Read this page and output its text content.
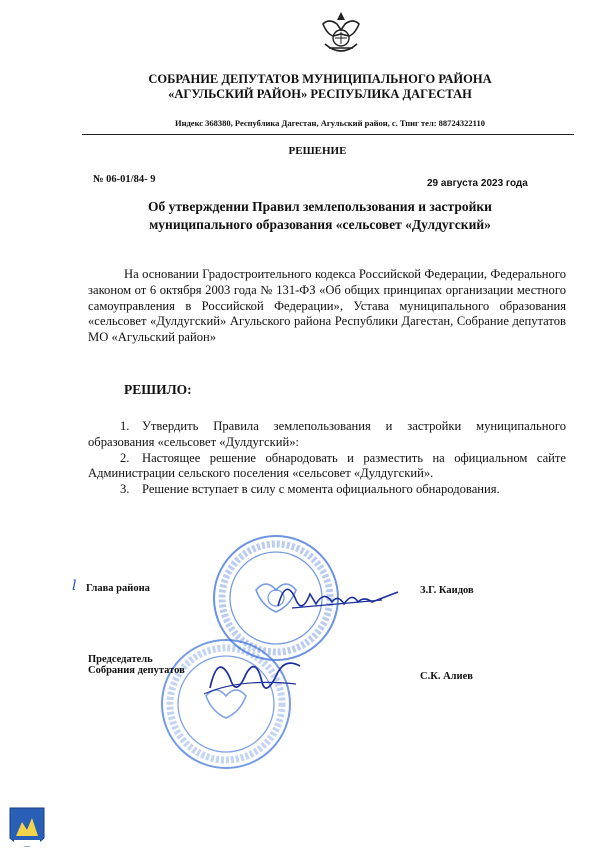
СОБРАНИЕ ДЕПУТАТОВ МУНИЦИПАЛЬНОГО РАЙОНА
«АГУЛЬСКИЙ РАЙОН» РЕСПУБЛИКА ДАГЕСТАН
Индекс 368380, Республика Дагестан, Агульский район, с. Тпиг тел: 88724322110
РЕШЕНИЕ
№ 06-01/84- 9	29 августа 2023 года
Об утверждении Правил землепользования и застройки
муниципального образования «сельсовет «Дулдугский»
На основании Градостроительного кодекса Российской Федерации, Федерального законом от 6 октября 2003 года № 131-ФЗ «Об общих принципах организации местного самоуправления в Российской Федерации», Устава муниципального образования «сельсовет «Дулдугский» Агульского района Республики Дагестан, Собрание депутатов МО «Агульский район»
РЕШИЛО:
1. Утвердить Правила землепользования и застройки муниципального образования «сельсовет «Дулдугский»:
2. Настоящее решение обнародовать и разместить на официальном сайте Администрации сельского поселения «сельсовет «Дулдугский».
3. Решение вступает в силу с момента официального обнародования.
ⅼ Глава района	З.Г. Каидов
Председатель
Собрания депутатов
С.К. Алиев
